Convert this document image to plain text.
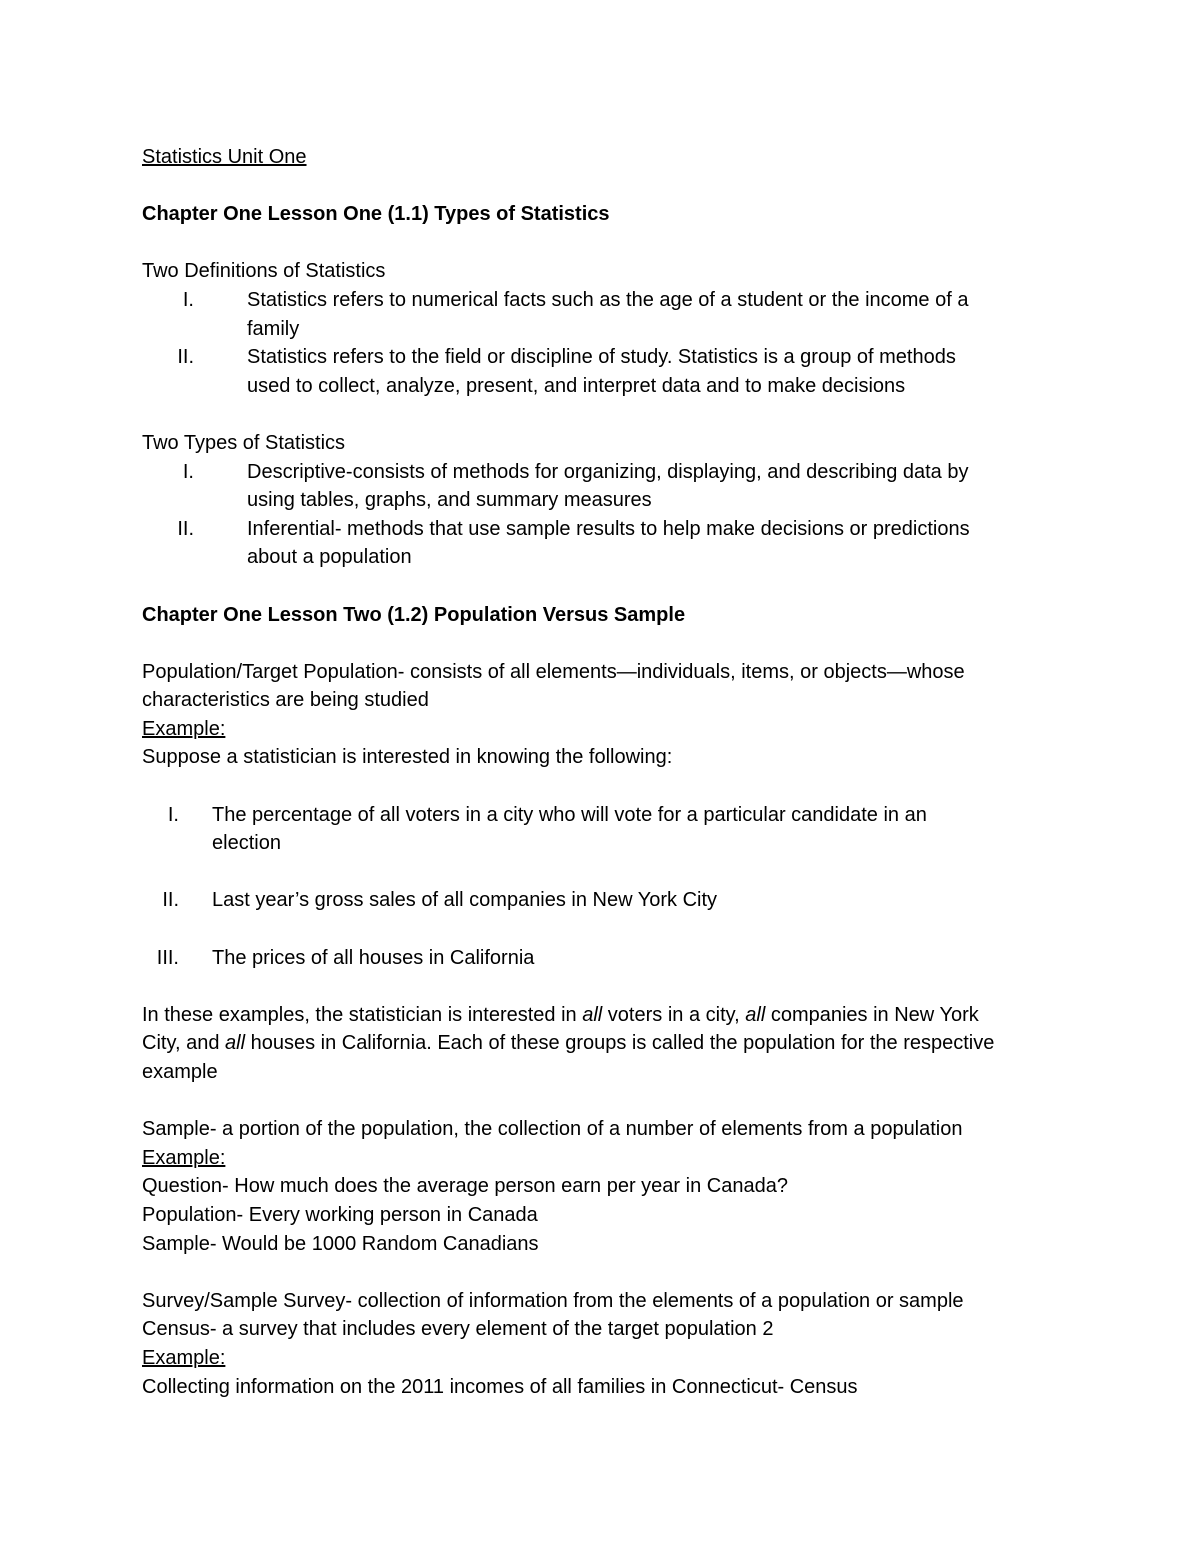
Statistics Unit One
Chapter One Lesson One (1.1) Types of Statistics
Two Definitions of Statistics
I.	Statistics refers to numerical facts such as the age of a student or the income of a
family
II.	Statistics refers to the field or discipline of study. Statistics is a group of methods
used to collect, analyze, present, and interpret data and to make decisions
Two Types of Statistics
I.	Descriptive-consists of methods for organizing, displaying, and describing data by
using tables, graphs, and summary measures
II.	Inferential- methods that use sample results to help make decisions or predictions
about a population
Chapter One Lesson Two (1.2) Population Versus Sample
Population/Target Population- consists of all elements—individuals, items, or objects—whose
characteristics are being studied
Example:
Suppose a statistician is interested in knowing the following:
I.	The percentage of all voters in a city who will vote for a particular candidate in an
election
II.	Last year’s gross sales of all companies in New York City
III.	The prices of all houses in California
In these examples, the statistician is interested in all voters in a city, all companies in New York
City, and all houses in California. Each of these groups is called the population for the respective
example
Sample- a portion of the population, the collection of a number of elements from a population
Example:
Question- How much does the average person earn per year in Canada?
Population- Every working person in Canada
Sample- Would be 1000 Random Canadians
Survey/Sample Survey- collection of information from the elements of a population or sample
Census- a survey that includes every element of the target population 2
Example:
Collecting information on the 2011 incomes of all families in Connecticut- Census
